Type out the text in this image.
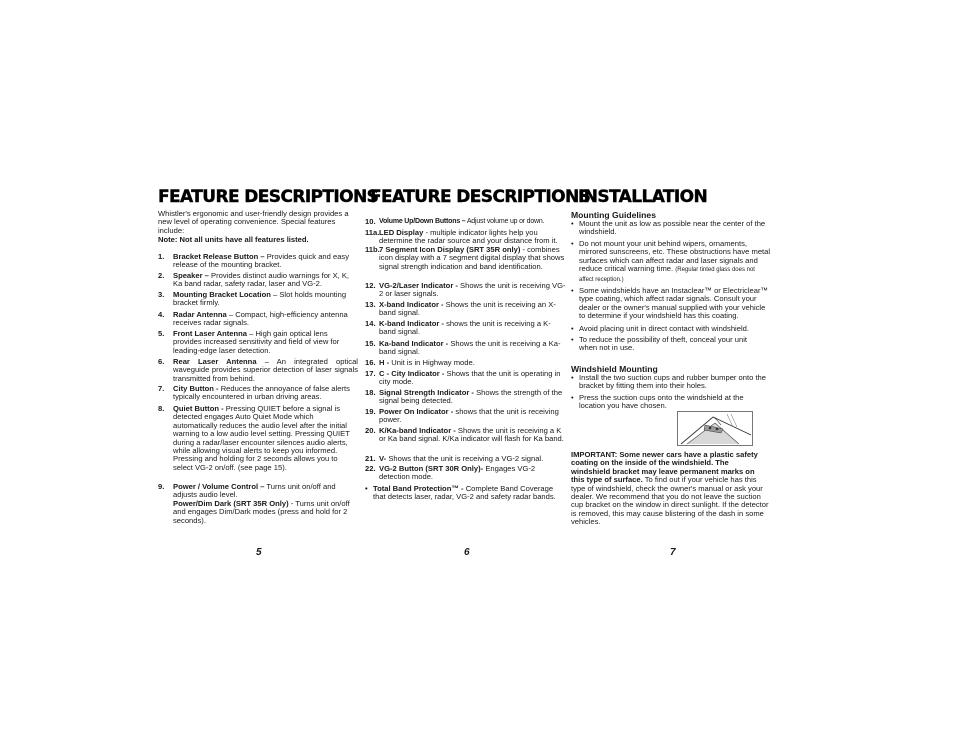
FEATURE DESCRIPTIONS
Whistler's ergonomic and user-friendly design provides a new level of operating convenience. Special features include:
Note: Not all units have all features listed.
1. Bracket Release Button – Provides quick and easy release of the mounting bracket.
2. Speaker – Provides distinct audio warnings for X, K, Ka band radar, safety radar, laser and VG-2.
3. Mounting Bracket Location – Slot holds mounting bracket firmly.
4. Radar Antenna – Compact, high-efficiency antenna receives radar signals.
5. Front Laser Antenna – High gain optical lens provides increased sensitivity and field of view for leading-edge laser detection.
6. Rear Laser Antenna – An integrated optical waveguide provides superior detection of laser signals transmitted from behind.
7. City Button - Reduces the annoyance of false alerts typically encountered in urban driving areas.
8. Quiet Button - Pressing QUIET before a signal is detected engages Auto Quiet Mode which automatically reduces the audio level after the initial warning to a low audio level setting. Pressing QUIET during a radar/laser encounter silences audio alerts, while allowing visual alerts to keep you informed. Pressing and holding for 2 seconds allows you to select VG-2 on/off. (see page 15).
9. Power / Volume Control – Turns unit on/off and adjusts audio level.
Power/Dim Dark (SRT 35R Only) - Turns unit on/off and engages Dim/Dark modes (press and hold for 2 seconds).
5
FEATURE DESCRIPTIONS
10. Volume Up/Down Buttons – Adjust volume up or down.
11a. LED Display - multiple indicator lights help you determine the radar source and your distance from it.
11b. 7 Segment Icon Display (SRT 35R only) - combines icon display with a 7 segment digital display that shows signal strength indication and band identification.
12. VG-2/Laser Indicator - Shows the unit is receiving VG-2 or laser signals.
13. X-band Indicator - Shows the unit is receiving an X-band signal.
14. K-band Indicator - shows the unit is receiving a K-band signal.
15. Ka-band Indicator - Shows the unit is receiving a Ka-band signal.
16. H - Unit is in Highway mode.
17. C - City Indicator - Shows that the unit is operating in city mode.
18. Signal Strength Indicator - Shows the strength of the signal being detected.
19. Power On Indicator - shows that the unit is receiving power.
20. K/Ka-band Indicator - Shows the unit is receiving a K or Ka band signal. K/Ka indicator will flash for Ka band.
21. V- Shows that the unit is receiving a VG-2 signal.
22. VG-2 Button (SRT 30R Only)- Engages VG-2 detection mode.
• Total Band Protection™ - Complete Band Coverage that detects laser, radar, VG-2 and safety radar bands.
6
INSTALLATION
Mounting Guidelines
• Mount the unit as low as possible near the center of the windshield.
• Do not mount your unit behind wipers, ornaments, mirrored sunscreens, etc. These obstructions have metal surfaces which can affect radar and laser signals and reduce critical warning time. (Regular tinted glass does not affect reception.)
• Some windshields have an Instaclear™ or Electriclear™ type coating, which affect radar signals. Consult your dealer or the owner's manual supplied with your vehicle to determine if your windshield has this coating.
• Avoid placing unit in direct contact with windshield.
• To reduce the possibility of theft, conceal your unit when not in use.
Windshield Mounting
• Install the two suction cups and rubber bumper onto the bracket by fitting them into their holes.
• Press the suction cups onto the windshield at the location you have chosen.
IMPORTANT: Some newer cars have a plastic safety coating on the inside of the windshield. The windshield bracket may leave permanent marks on this type of surface. To find out if your vehicle has this type of windshield, check the owner's manual or ask your dealer. We recommend that you do not leave the suction cup bracket on the window in direct sunlight. If the detector is removed, this may cause blistering of the dash in some vehicles.
7
